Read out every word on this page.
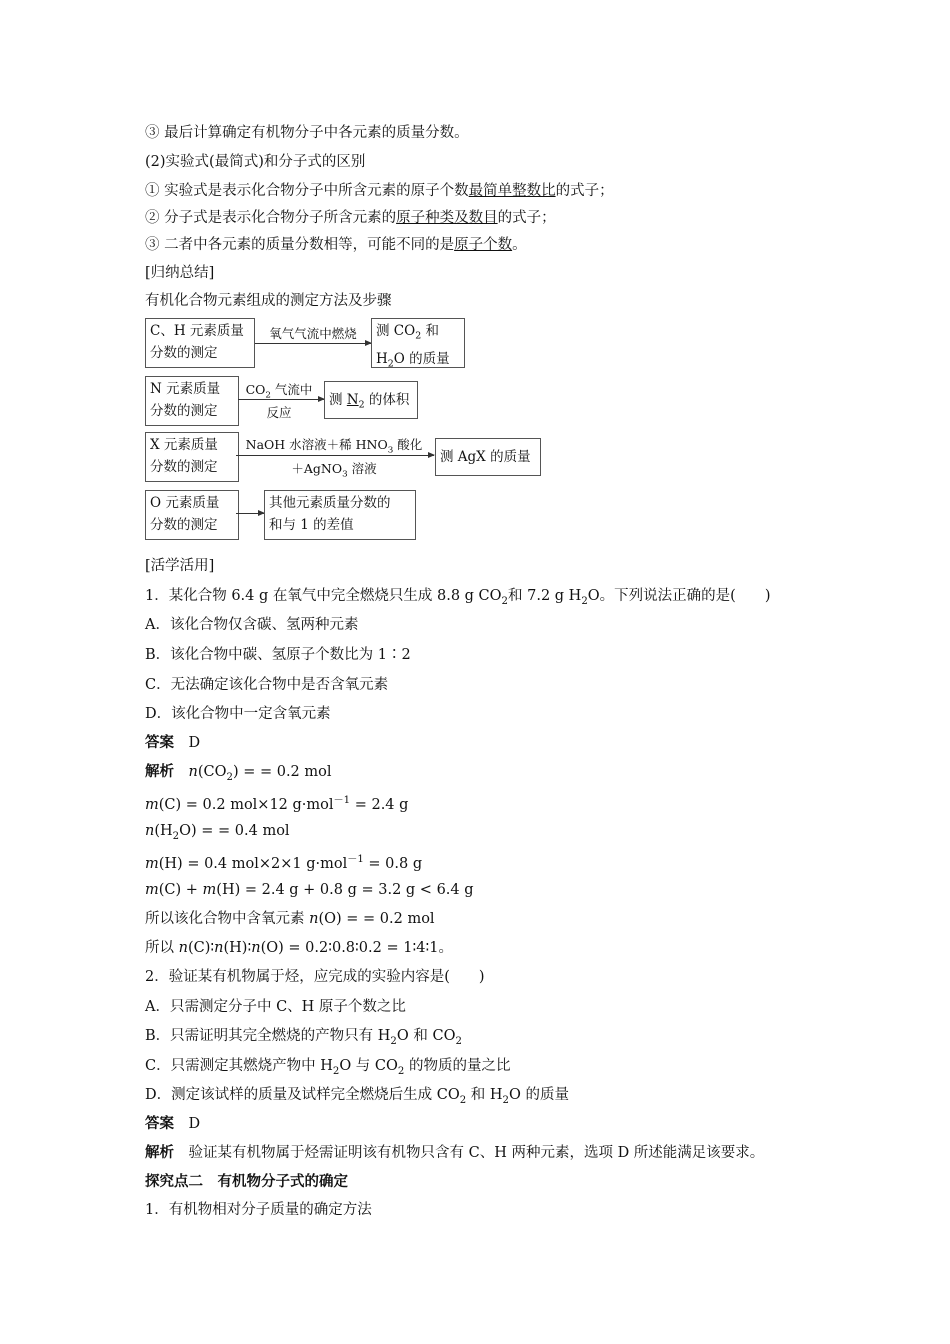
③ 最后计算确定有机物分子中各元素的质量分数。
(2)实验式(最简式)和分子式的区别
① 实验式是表示化合物分子中所含元素的原子个数最简单整数比的式子；
② 分子式是表示化合物分子所含元素的原子种类及数目的式子；
③ 二者中各元素的质量分数相等，可能不同的是原子个数。
[归纳总结]
有机化合物元素组成的测定方法及步骤
C、H 元素质量
分数的测定
氧气气流中燃烧	测 $CO_2$ 和
$H_2O$ 的质量
N 元素质量
分数的测定
$CO_2$ 气流中
反应
测 $N_2$ 的体积
X 元素质量
分数的测定
NaOH 水溶液＋稀 $HNO_3$ 酸化
＋AgNO$_3$ 溶液
测 AgX 的质量
O 元素质量
分数的测定
其他元素质量分数的
和与 1 的差值
[活学活用]
1．某化合物 6.4 g 在氧气中完全燃烧只生成 8.8 g $CO_2$和 7.2 g $H_2O$。下列说法正确的是(　　)
A．该化合物仅含碳、氢两种元素
B．该化合物中碳、氢原子个数比为 1∶2
C．无法确定该化合物中是否含氧元素
D．该化合物中一定含氧元素
答案　 D
解析　 $n(CO_2)$ = = 0.2 mol
m(C) = 0.2 mol×12 g·mol$^{-1}$ = 2.4 g
$n(H_2O)$ = = 0.4 mol
m(H) = 0.4 mol×2×1 g·mol$^{-1}$ = 0.8 g
m(C) + m(H) = 2.4 g + 0.8 g = 3.2 g < 6.4 g
所以该化合物中含氧元素 n(O) = = 0.2 mol
所以 n(C)∶n(H)∶n(O) = 0.2∶0.8∶0.2 = 1∶4∶1。
2．验证某有机物属于烃，应完成的实验内容是(　　)
A．只需测定分子中 C、H 原子个数之比
B．只需证明其完全燃烧的产物只有 $H_2O$ 和 $CO_2$
C．只需测定其燃烧产物中 $H_2O$ 与 $CO_2$ 的物质的量之比
D．测定该试样的质量及试样完全燃烧后生成 $CO_2$ 和 $H_2O$ 的质量
答案　 D
解析　 验证某有机物属于烃需证明该有机物只含有 C、H 两种元素，选项 D 所述能满足该要求。
探究点二　有机物分子式的确定
1．有机物相对分子质量的确定方法
